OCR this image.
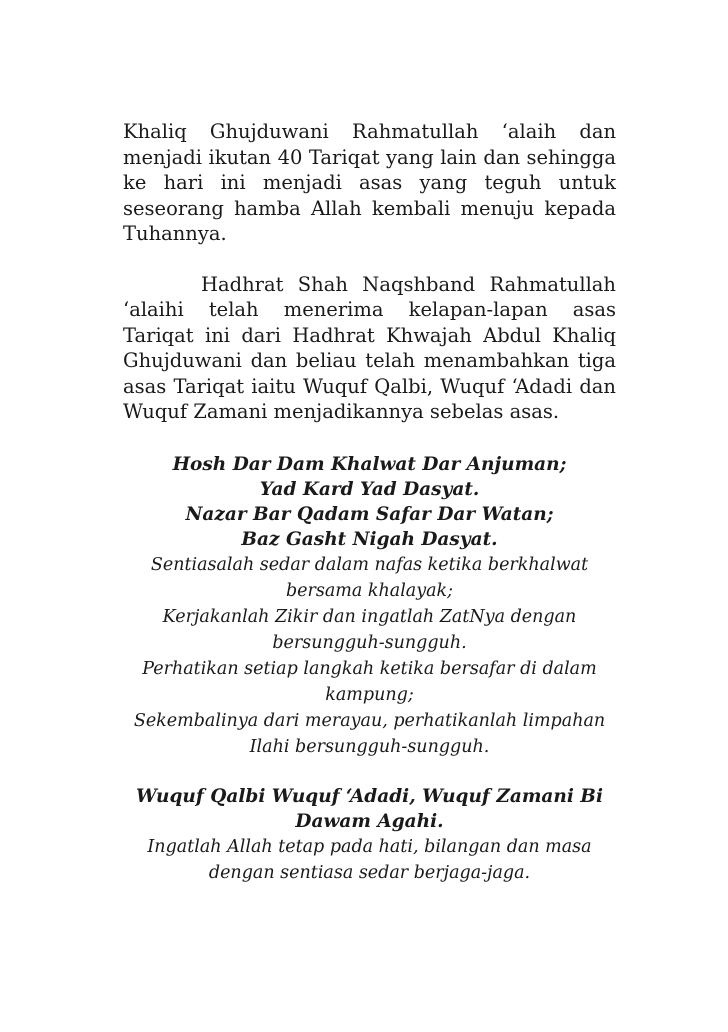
Khaliq Ghujduwani Rahmatullah ‘alaih dan menjadi ikutan 40 Tariqat yang lain dan sehingga ke hari ini menjadi asas yang teguh untuk seseorang hamba Allah kembali menuju kepada Tuhannya.

Hadhrat Shah Naqshband Rahmatullah ‘alaihi telah menerima kelapan-lapan asas Tariqat ini dari Hadhrat Khwajah Abdul Khaliq Ghujduwani dan beliau telah menambahkan tiga asas Tariqat iaitu Wuquf Qalbi, Wuquf ‘Adadi dan Wuquf Zamani menjadikannya sebelas asas.

Hosh Dar Dam Khalwat Dar Anjuman;
Yad Kard Yad Dasyat.
Nazar Bar Qadam Safar Dar Watan;
Baz Gasht Nigah Dasyat.
Sentiasalah sedar dalam nafas ketika berkhalwat bersama khalayak;
Kerjakanlah Zikir dan ingatlah ZatNya dengan bersungguh-sungguh.
Perhatikan setiap langkah ketika bersafar di dalam kampung;
Sekembalinya dari merayau, perhatikanlah limpahan Ilahi bersungguh-sungguh.
Wuquf Qalbi Wuquf ‘Adadi, Wuquf Zamani Bi Dawam Agahi.
Ingatlah Allah tetap pada hati, bilangan dan masa dengan sentiasa sedar berjaga-jaga.
